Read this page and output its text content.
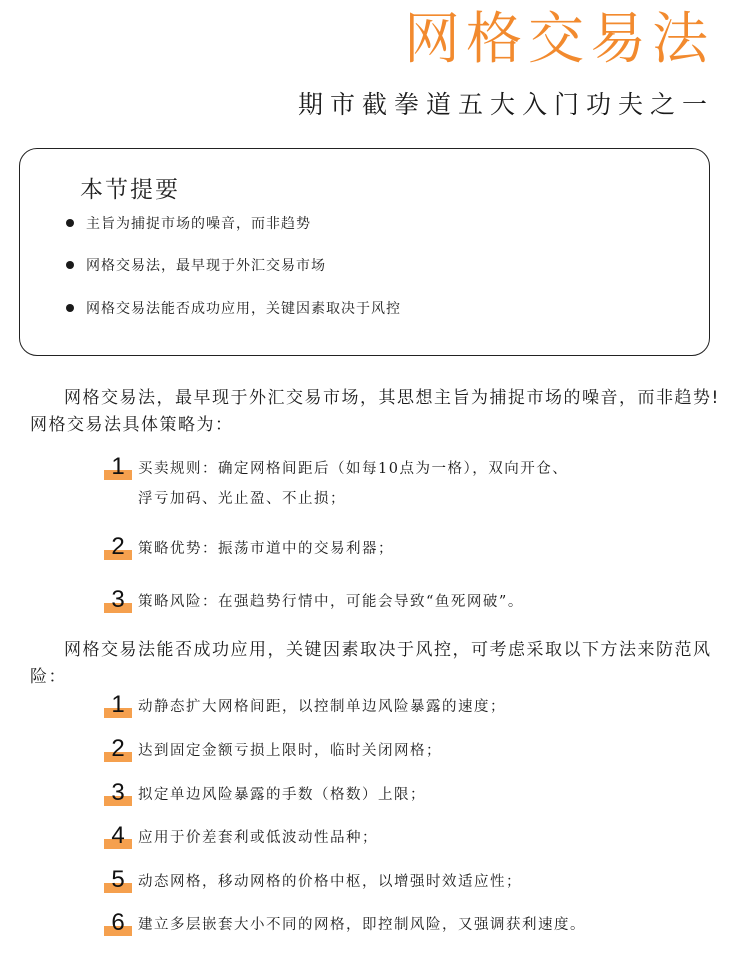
网格交易法
期市截拳道五大入门功夫之一
本节提要
主旨为捕捉市场的噪音，而非趋势
网格交易法，最早现于外汇交易市场
网格交易法能否成功应用，关键因素取决于风控
网格交易法，最早现于外汇交易市场，其思想主旨为捕捉市场的噪音，而非趋势!网格交易法具体策略为：
1 买卖规则：确定网格间距后（如每10点为一格），双向开仓、
浮亏加码、光止盈、不止损；
2 策略优势：振荡市道中的交易利器；
3 策略风险：在强趋势行情中，可能会导致“鱼死网破”。
网格交易法能否成功应用，关键因素取决于风控，可考虑采取以下方法来防范风险：
1 动静态扩大网格间距，以控制单边风险暴露的速度；
2 达到固定金额亏损上限时，临时关闭网格；
3 拟定单边风险暴露的手数（格数）上限；
4 应用于价差套利或低波动性品种；
5 动态网格，移动网格的价格中枢，以增强时效适应性；
6 建立多层嵌套大小不同的网格，即控制风险，又强调获利速度。
